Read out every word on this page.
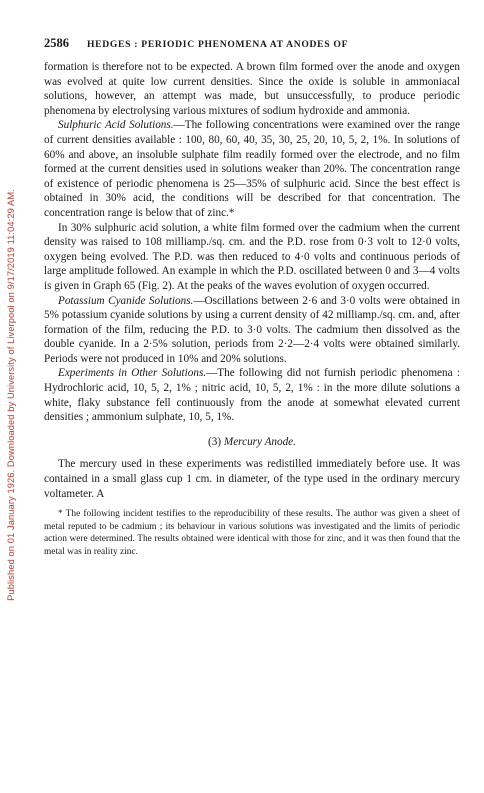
Published on 01 January 1926. Downloaded by University of Liverpool on 9/17/2019 11:04:29 AM.
2586 HEDGES : PERIODIC PHENOMENA AT ANODES OF

formation is therefore not to be expected. A brown film formed over the anode and oxygen was evolved at quite low current densities. Since the oxide is soluble in ammoniacal solutions, however, an attempt was made, but unsuccessfully, to produce periodic phenomena by electrolysing various mixtures of sodium hydroxide and ammonia.

Sulphuric Acid Solutions.—The following concentrations were examined over the range of current densities available : 100, 80, 60, 40, 35, 30, 25, 20, 10, 5, 2, 1%. In solutions of 60% and above, an insoluble sulphate film readily formed over the electrode, and no film formed at the current densities used in solutions weaker than 20%. The concentration range of existence of periodic phenomena is 25—35% of sulphuric acid. Since the best effect is obtained in 30% acid, the conditions will be described for that concentration. The concentration range is below that of zinc.*

In 30% sulphuric acid solution, a white film formed over the cadmium when the current density was raised to 108 milliamp./sq. cm. and the P.D. rose from 0·3 volt to 12·0 volts, oxygen being evolved. The P.D. was then reduced to 4·0 volts and continuous periods of large amplitude followed. An example in which the P.D. oscillated between 0 and 3—4 volts is given in Graph 65 (Fig. 2). At the peaks of the waves evolution of oxygen occurred.

Potassium Cyanide Solutions.—Oscillations between 2·6 and 3·0 volts were obtained in 5% potassium cyanide solutions by using a current density of 42 milliamp./sq. cm. and, after formation of the film, reducing the P.D. to 3·0 volts. The cadmium then dissolved as the double cyanide. In a 2·5% solution, periods from 2·2—2·4 volts were obtained similarly. Periods were not produced in 10% and 20% solutions.

Experiments in Other Solutions.—The following did not furnish periodic phenomena : Hydrochloric acid, 10, 5, 2, 1% ; nitric acid, 10, 5, 2, 1% : in the more dilute solutions a white, flaky substance fell continuously from the anode at somewhat elevated current densities ; ammonium sulphate, 10, 5, 1%.

(3) Mercury Anode.

The mercury used in these experiments was redistilled immediately before use. It was contained in a small glass cup 1 cm. in diameter, of the type used in the ordinary mercury voltameter. A

* The following incident testifies to the reproducibility of these results. The author was given a sheet of metal reputed to be cadmium ; its behaviour in various solutions was investigated and the limits of periodic action were determined. The results obtained were identical with those for zinc, and it was then found that the metal was in reality zinc.
